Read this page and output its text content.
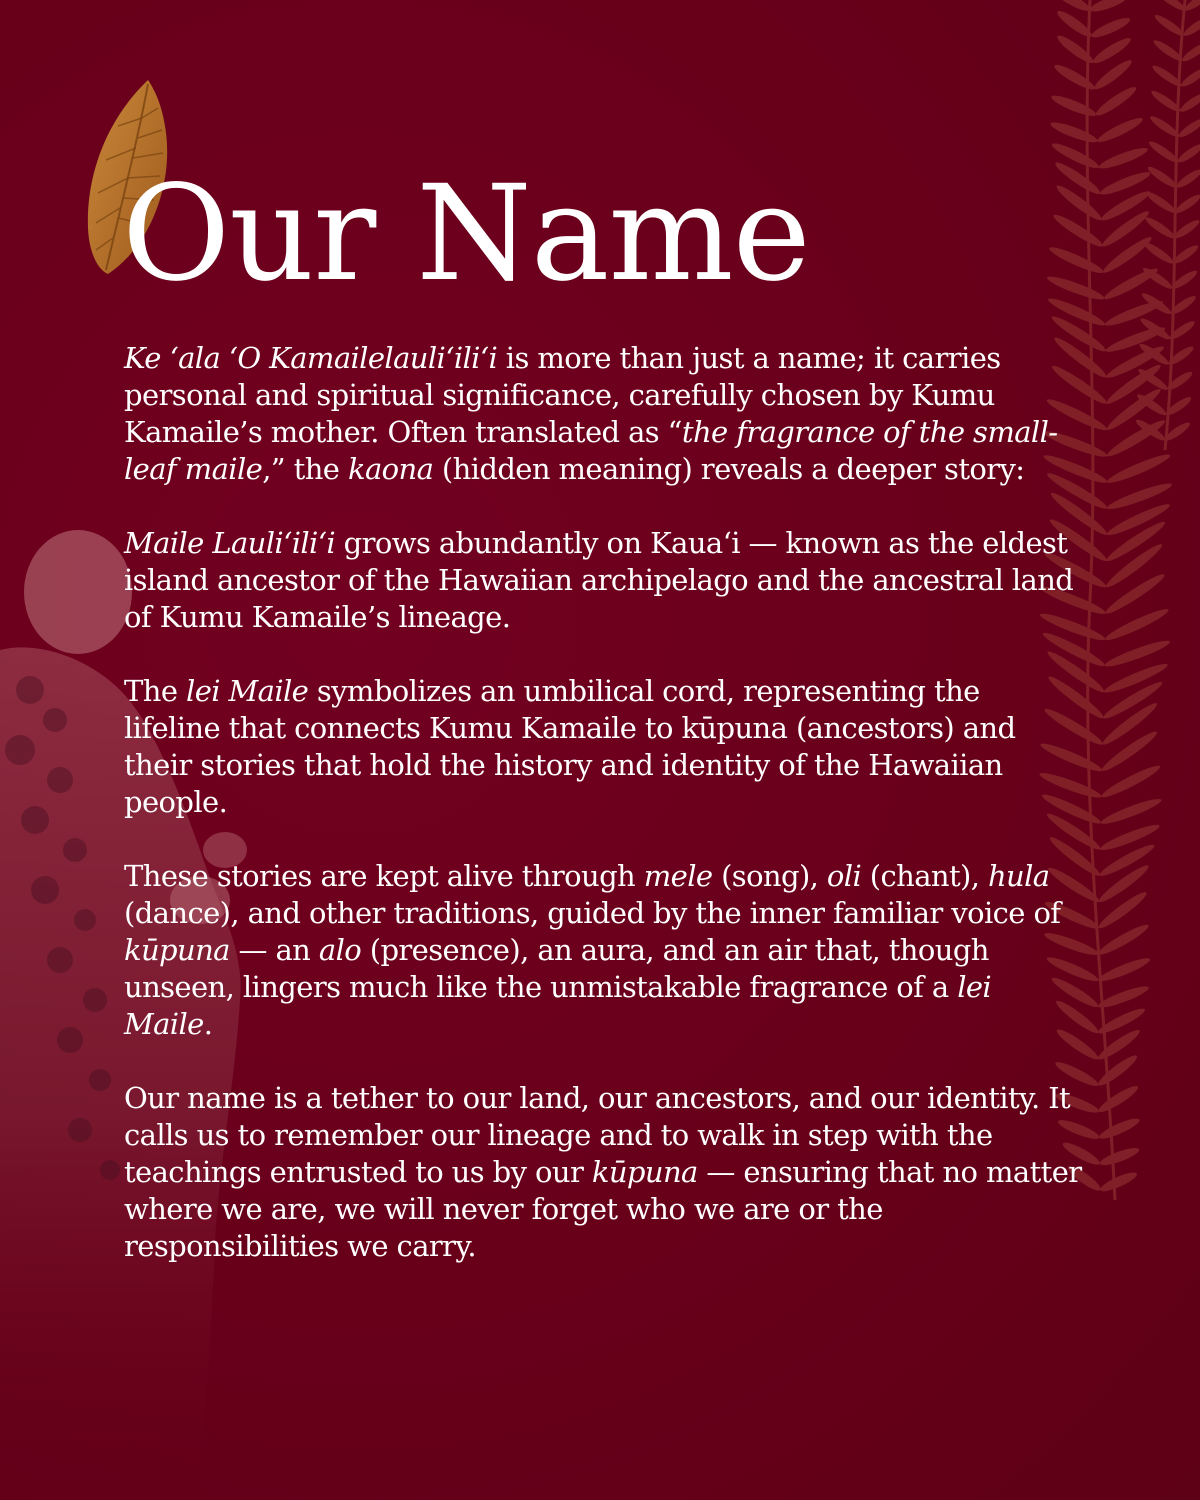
Our Name

Ke ʻala ʻO Kamailelauliʻiliʻi is more than just a name; it carries personal and spiritual significance, carefully chosen by Kumu Kamaile’s mother. Often translated as “the fragrance of the small-leaf maile,” the kaona (hidden meaning) reveals a deeper story:

Maile Lauliʻiliʻi grows abundantly on Kauaʻi — known as the eldest island ancestor of the Hawaiian archipelago and the ancestral land of Kumu Kamaile’s lineage.

The lei Maile symbolizes an umbilical cord, representing the lifeline that connects Kumu Kamaile to kūpuna (ancestors) and their stories that hold the history and identity of the Hawaiian people.

These stories are kept alive through mele (song), oli (chant), hula (dance), and other traditions, guided by the inner familiar voice of kūpuna — an alo (presence), an aura, and an air that, though unseen, lingers much like the unmistakable fragrance of a lei Maile.

Our name is a tether to our land, our ancestors, and our identity. It calls us to remember our lineage and to walk in step with the teachings entrusted to us by our kūpuna — ensuring that no matter where we are, we will never forget who we are or the responsibilities we carry.
